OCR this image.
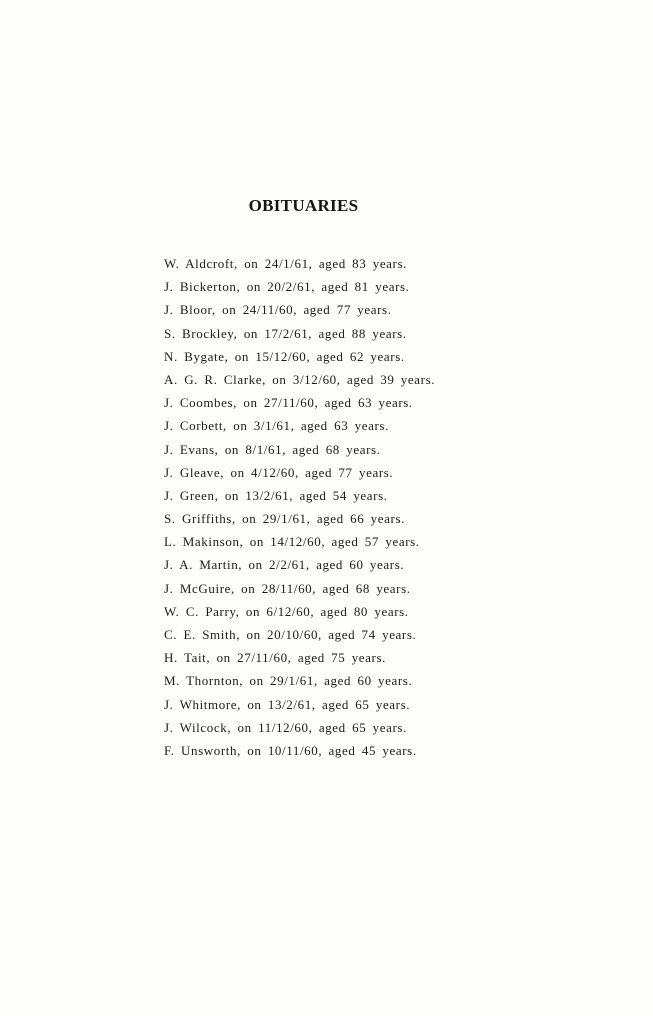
OBITUARIES
W. Aldcroft, on 24/1/61, aged 83 years.
J. Bickerton, on 20/2/61, aged 81 years.
J. Bloor, on 24/11/60, aged 77 years.
S. Brockley, on 17/2/61, aged 88 years.
N. Bygate, on 15/12/60, aged 62 years.
A. G. R. Clarke, on 3/12/60, aged 39 years.
J. Coombes, on 27/11/60, aged 63 years.
J. Corbett, on 3/1/61, aged 63 years.
J. Evans, on 8/1/61, aged 68 years.
J. Gleave, on 4/12/60, aged 77 years.
J. Green, on 13/2/61, aged 54 years.
S. Griffiths, on 29/1/61, aged 66 years.
L. Makinson, on 14/12/60, aged 57 years.
J. A. Martin, on 2/2/61, aged 60 years.
J. McGuire, on 28/11/60, aged 68 years.
W. C. Parry, on 6/12/60, aged 80 years.
C. E. Smith, on 20/10/60, aged 74 years.
H. Tait, on 27/11/60, aged 75 years.
M. Thornton, on 29/1/61, aged 60 years.
J. Whitmore, on 13/2/61, aged 65 years.
J. Wilcock, on 11/12/60, aged 65 years.
F. Unsworth, on 10/11/60, aged 45 years.
